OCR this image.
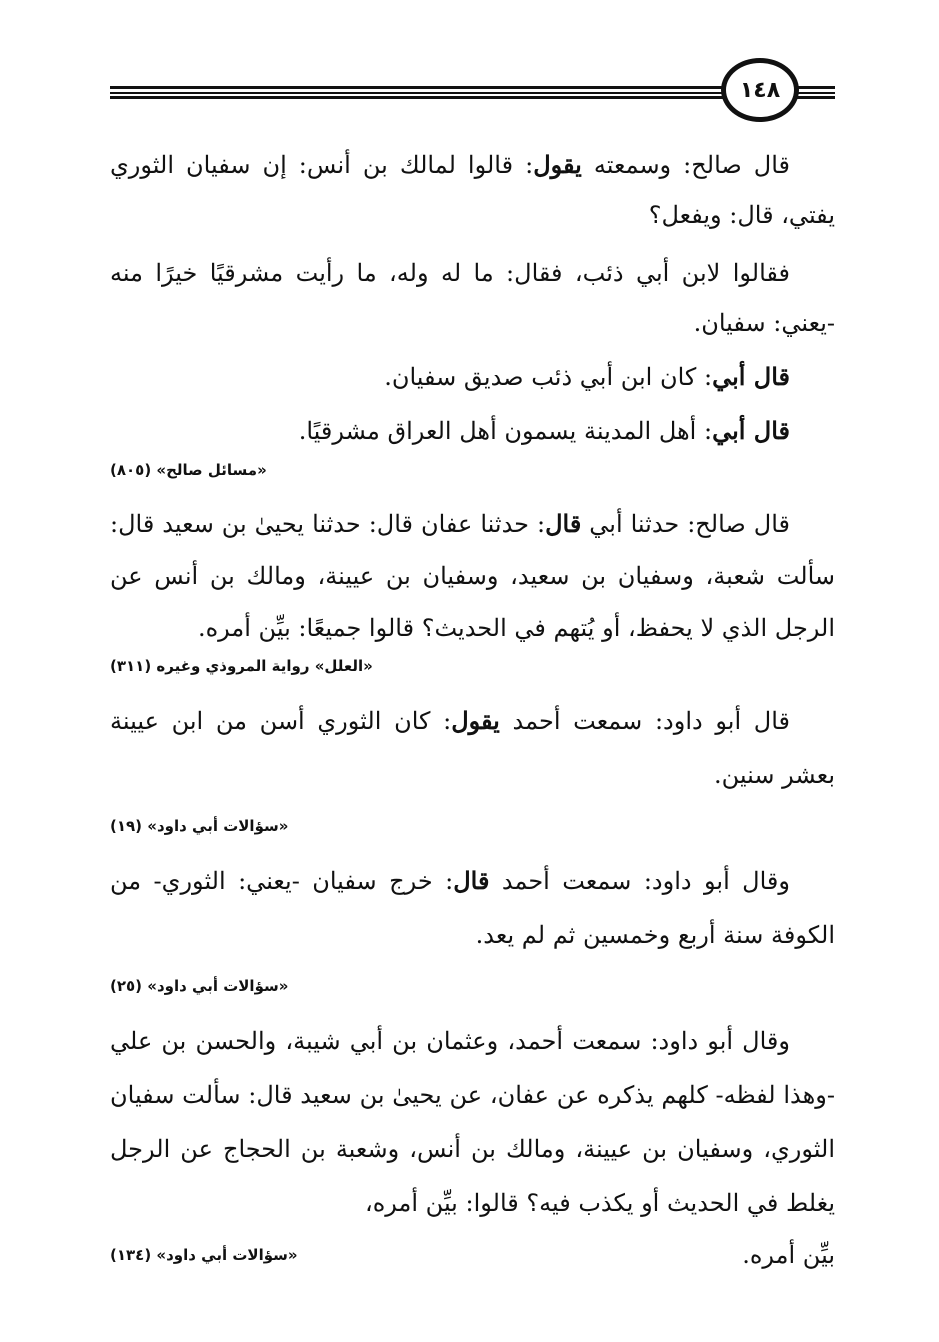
١٤٨

قال صالح: وسمعته يقول: قالوا لمالك بن أنس: إن سفيان الثوري يفتي، قال: ويفعل؟

فقالوا لابن أبي ذئب، فقال: ما له وله، ما رأيت مشرقيًا خيرًا منه -يعني: سفيان.

قال أبي: كان ابن أبي ذئب صديق سفيان.

قال أبي: أهل المدينة يسمون أهل العراق مشرقيًا.

«مسائل صالح» (٨٠٥)

قال صالح: حدثنا أبي قال: حدثنا عفان قال: حدثنا يحيىٰ بن سعيد قال: سألت شعبة، وسفيان بن سعيد، وسفيان بن عيينة، ومالك بن أنس عن الرجل الذي لا يحفظ، أو يُتهم في الحديث؟ قالوا جميعًا: بيِّن أمره.

«العلل» رواية المروذي وغيره (٣١١)

قال أبو داود: سمعت أحمد يقول: كان الثوري أسن من ابن عيينة بعشر سنين.

«سؤالات أبي داود» (١٩)

وقال أبو داود: سمعت أحمد قال: خرج سفيان -يعني: الثوري- من الكوفة سنة أربع وخمسين ثم لم يعد.

«سؤالات أبي داود» (٢٥)

وقال أبو داود: سمعت أحمد، وعثمان بن أبي شيبة، والحسن بن علي -وهذا لفظه- كلهم يذكره عن عفان، عن يحيىٰ بن سعيد قال: سألت سفيان الثوري، وسفيان بن عيينة، ومالك بن أنس، وشعبة بن الحجاج عن الرجل يغلط في الحديث أو يكذب فيه؟ قالوا: بيِّن أمره،

بيِّن أمره.
«سؤالات أبي داود» (١٣٤)
